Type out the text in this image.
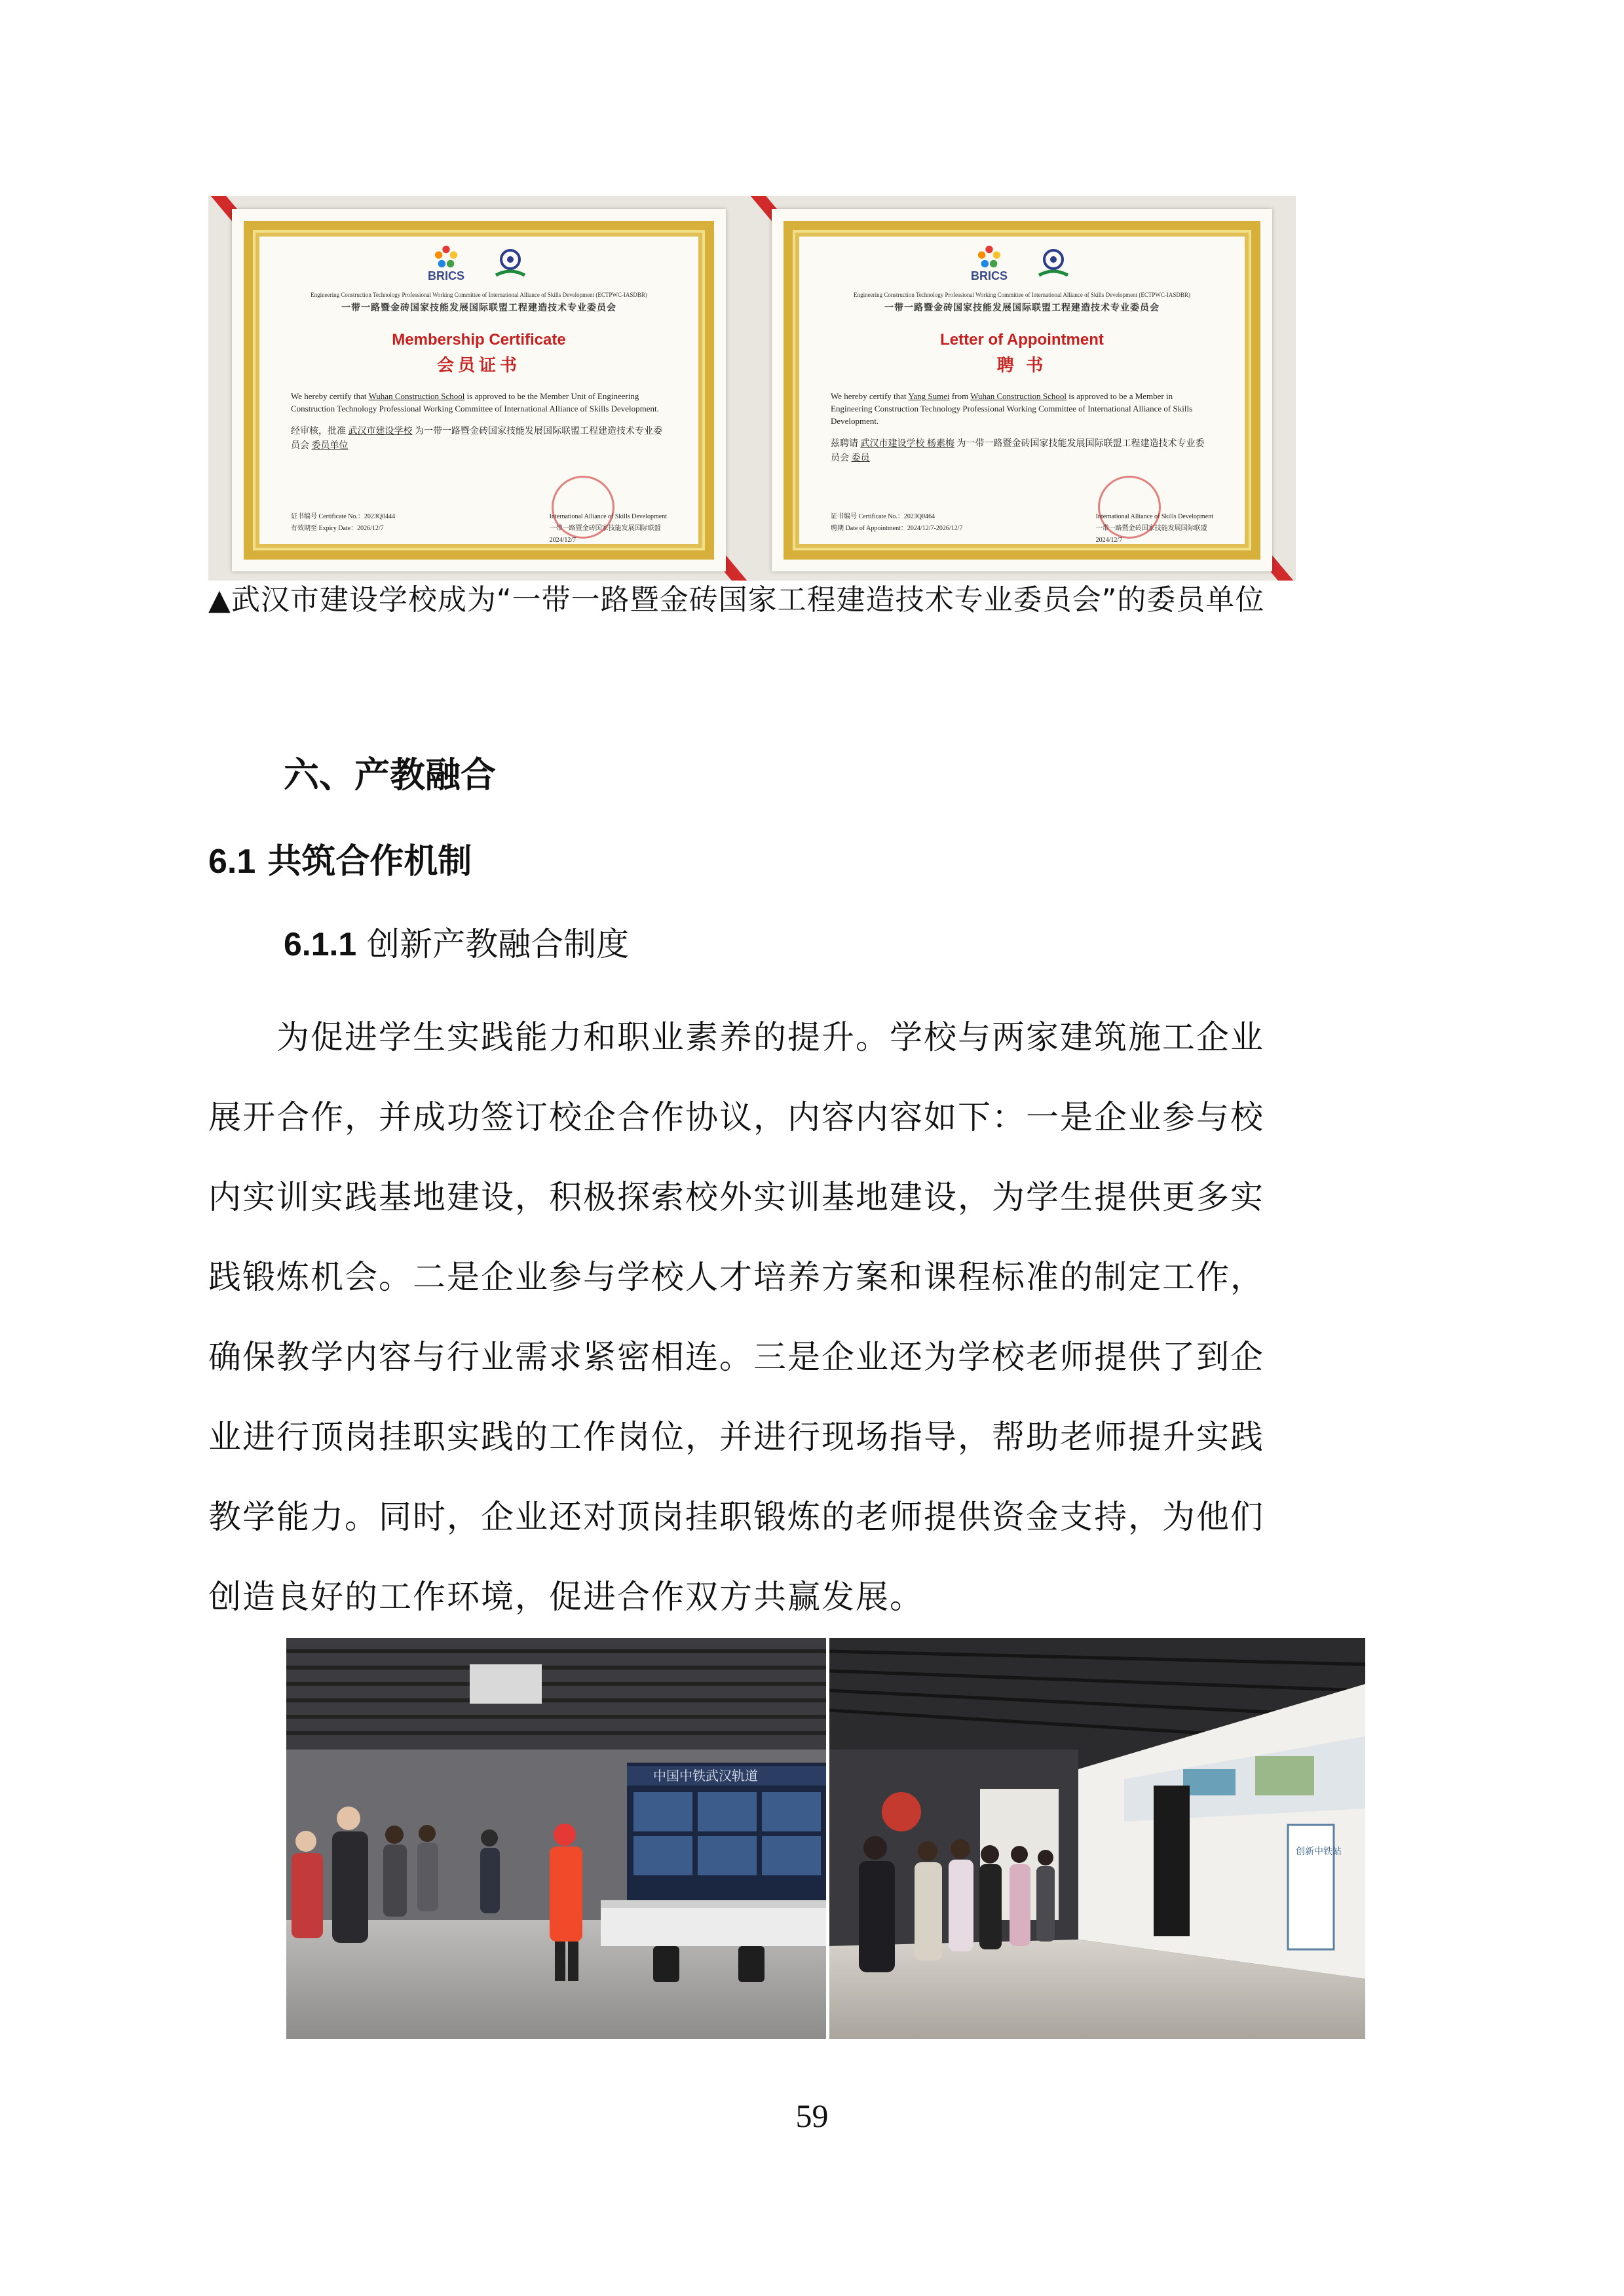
BRICS
Engineering Construction Technology Professional Working Committee of International Alliance of Skills Development (ECTPWC-IASDBR)
一带一路暨金砖国家技能发展国际联盟工程建造技术专业委员会
Membership Certificate
会员证书
We hereby certify that Wuhan Construction School is approved to be the Member Unit of Engineering Construction Technology Professional Working Committee of International Alliance of Skills Development.
经审核，批准 武汉市建设学校 为一带一路暨金砖国家技能发展国际联盟工程建造技术专业委员会 委员单位
证书编号 Certificate No.：2023Q0444
有效期至 Expiry Date：2026/12/7
International Alliance of Skills Development
一带一路暨金砖国家技能发展国际联盟
2024/12/7
BRICS
Engineering Construction Technology Professional Working Committee of International Alliance of Skills Development (ECTPWC-IASDBR)
一带一路暨金砖国家技能发展国际联盟工程建造技术专业委员会
Letter of Appointment
聘 书
We hereby certify that Yang Sumei from Wuhan Construction School is approved to be a Member in Engineering Construction Technology Professional Working Committee of International Alliance of Skills Development.
兹聘请 武汉市建设学校 杨素梅 为一带一路暨金砖国家技能发展国际联盟工程建造技术专业委员会 委员
证书编号 Certificate No.：2023Q0464
聘期 Date of Appointment：2024/12/7-2026/12/7
International Alliance of Skills Development
一带一路暨金砖国家技能发展国际联盟
2024/12/7
▲武汉市建设学校成为“一带一路暨金砖国家工程建造技术专业委员会”的委员单位
六、产教融合
6.1 共筑合作机制
6.1.1 创新产教融合制度
　　为促进学生实践能力和职业素养的提升。学校与两家建筑施工企业
展开合作，并成功签订校企合作协议，内容内容如下：一是企业参与校
内实训实践基地建设，积极探索校外实训基地建设，为学生提供更多实
践锻炼机会。二是企业参与学校人才培养方案和课程标准的制定工作，
确保教学内容与行业需求紧密相连。三是企业还为学校老师提供了到企
业进行顶岗挂职实践的工作岗位，并进行现场指导，帮助老师提升实践
教学能力。同时，企业还对顶岗挂职锻炼的老师提供资金支持，为他们
创造良好的工作环境，促进合作双方共赢发展。
中国中铁武汉轨道
创新中铁站
59
